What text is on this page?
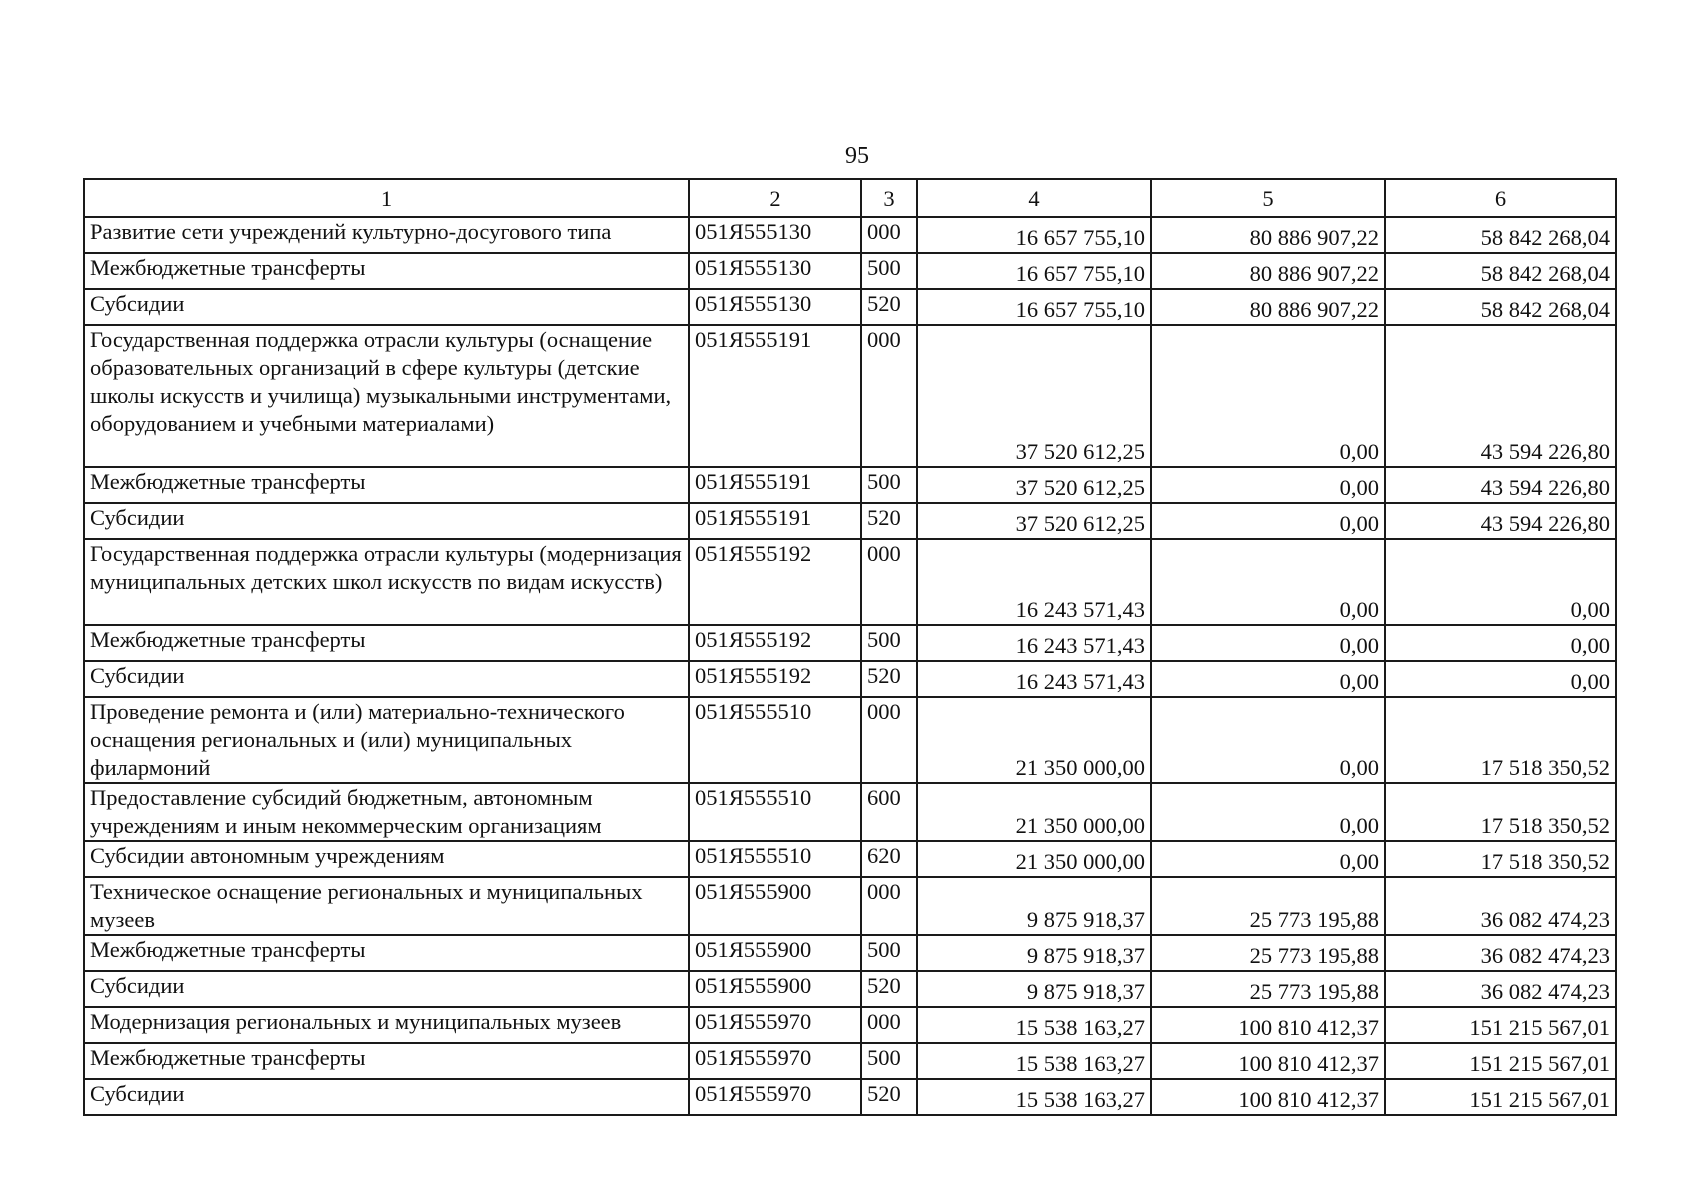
95
1	2	3	4	5	6
Развитие сети учреждений культурно-досугового типа	051Я555130	000	16 657 755,10	80 886 907,22	58 842 268,04
Межбюджетные трансферты	051Я555130	500	16 657 755,10	80 886 907,22	58 842 268,04
Субсидии	051Я555130	520	16 657 755,10	80 886 907,22	58 842 268,04
Государственная поддержка отрасли культуры (оснащение образовательных организаций в сфере культуры (детские школы искусств и училища) музыкальными инструментами, оборудованием и учебными материалами)	051Я555191	000	37 520 612,25	0,00	43 594 226,80
Межбюджетные трансферты	051Я555191	500	37 520 612,25	0,00	43 594 226,80
Субсидии	051Я555191	520	37 520 612,25	0,00	43 594 226,80
Государственная поддержка отрасли культуры (модернизация муниципальных детских школ искусств по видам искусств)	051Я555192	000	16 243 571,43	0,00	0,00
Межбюджетные трансферты	051Я555192	500	16 243 571,43	0,00	0,00
Субсидии	051Я555192	520	16 243 571,43	0,00	0,00
Проведение ремонта и (или) материально-технического оснащения региональных и (или) муниципальных филармоний	051Я555510	000	21 350 000,00	0,00	17 518 350,52
Предоставление субсидий бюджетным, автономным учреждениям и иным некоммерческим организациям	051Я555510	600	21 350 000,00	0,00	17 518 350,52
Субсидии автономным учреждениям	051Я555510	620	21 350 000,00	0,00	17 518 350,52
Техническое оснащение региональных и муниципальных музеев	051Я555900	000	9 875 918,37	25 773 195,88	36 082 474,23
Межбюджетные трансферты	051Я555900	500	9 875 918,37	25 773 195,88	36 082 474,23
Субсидии	051Я555900	520	9 875 918,37	25 773 195,88	36 082 474,23
Модернизация региональных и муниципальных музеев	051Я555970	000	15 538 163,27	100 810 412,37	151 215 567,01
Межбюджетные трансферты	051Я555970	500	15 538 163,27	100 810 412,37	151 215 567,01
Субсидии	051Я555970	520	15 538 163,27	100 810 412,37	151 215 567,01
